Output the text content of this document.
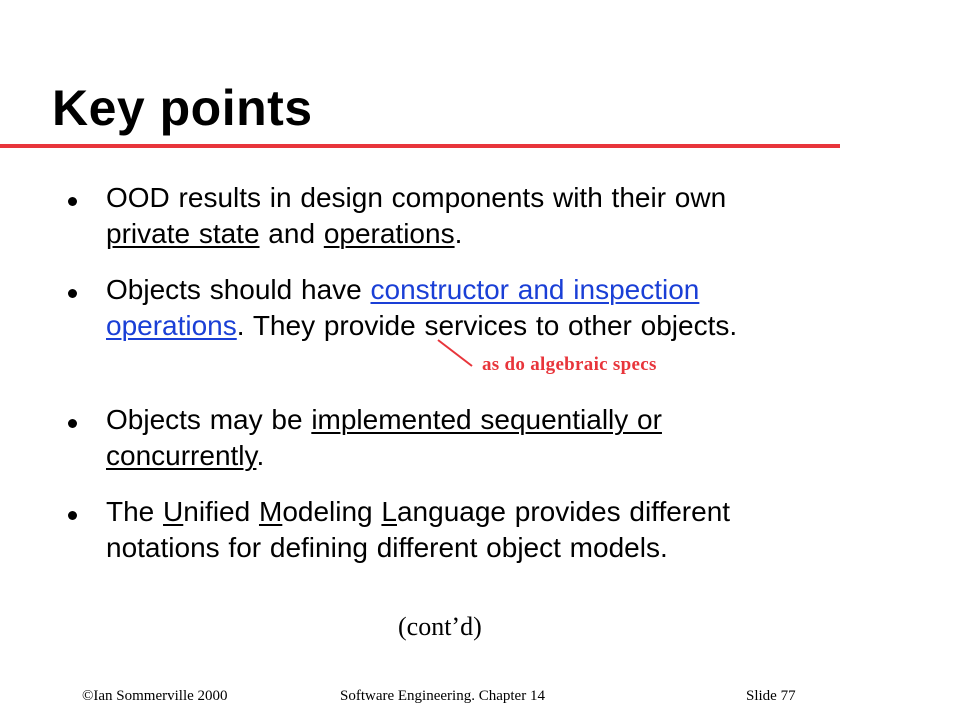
Key points
OOD results in design components with their own private state and operations.
Objects should have constructor and inspection operations. They provide services to other objects.
Objects may be implemented sequentially or concurrently.
The Unified Modeling Language provides different notations for defining different object models.
as do algebraic specs
(cont’d)
©Ian Sommerville 2000	Software Engineering. Chapter 14	Slide 77
